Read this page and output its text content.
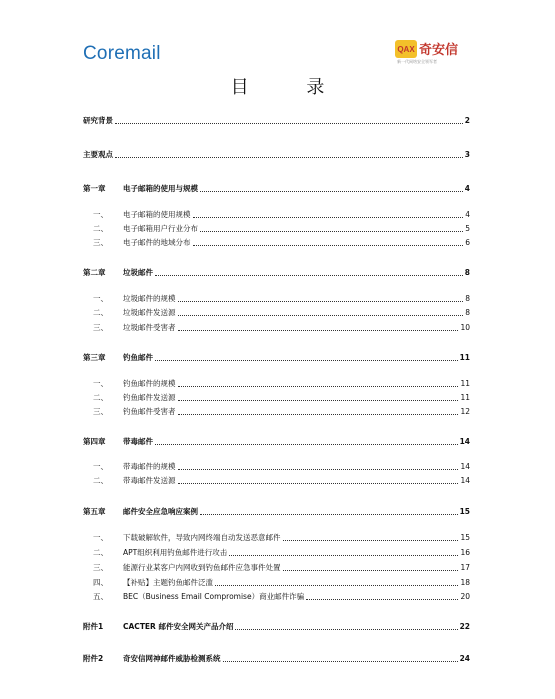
Coremail	QAX 奇安信
新一代网络安全领军者
目 录
研究背景	2
主要观点	3
第一章	电子邮箱的使用与规模	4
一、	电子邮箱的使用规模	4
二、	电子邮箱用户行业分布	5
三、	电子邮件的地域分布	6
第二章	垃圾邮件	8
一、	垃圾邮件的规模	8
二、	垃圾邮件发送源	8
三、	垃圾邮件受害者	10
第三章	钓鱼邮件	11
一、	钓鱼邮件的规模	11
二、	钓鱼邮件发送源	11
三、	钓鱼邮件受害者	12
第四章	带毒邮件	14
一、	带毒邮件的规模	14
二、	带毒邮件发送源	14
第五章	邮件安全应急响应案例	15
一、	下载破解软件，导致内网终端自动发送恶意邮件	15
二、	APT组织利用钓鱼邮件进行攻击	16
三、	能源行业某客户内网收到钓鱼邮件应急事件处置	17
四、	【补贴】主题钓鱼邮件泛滥	18
五、	BEC（Business Email Compromise）商业邮件诈骗	20
附件1	CACTER 邮件安全网关产品介绍	22
附件2	奇安信网神邮件威胁检测系统	24
